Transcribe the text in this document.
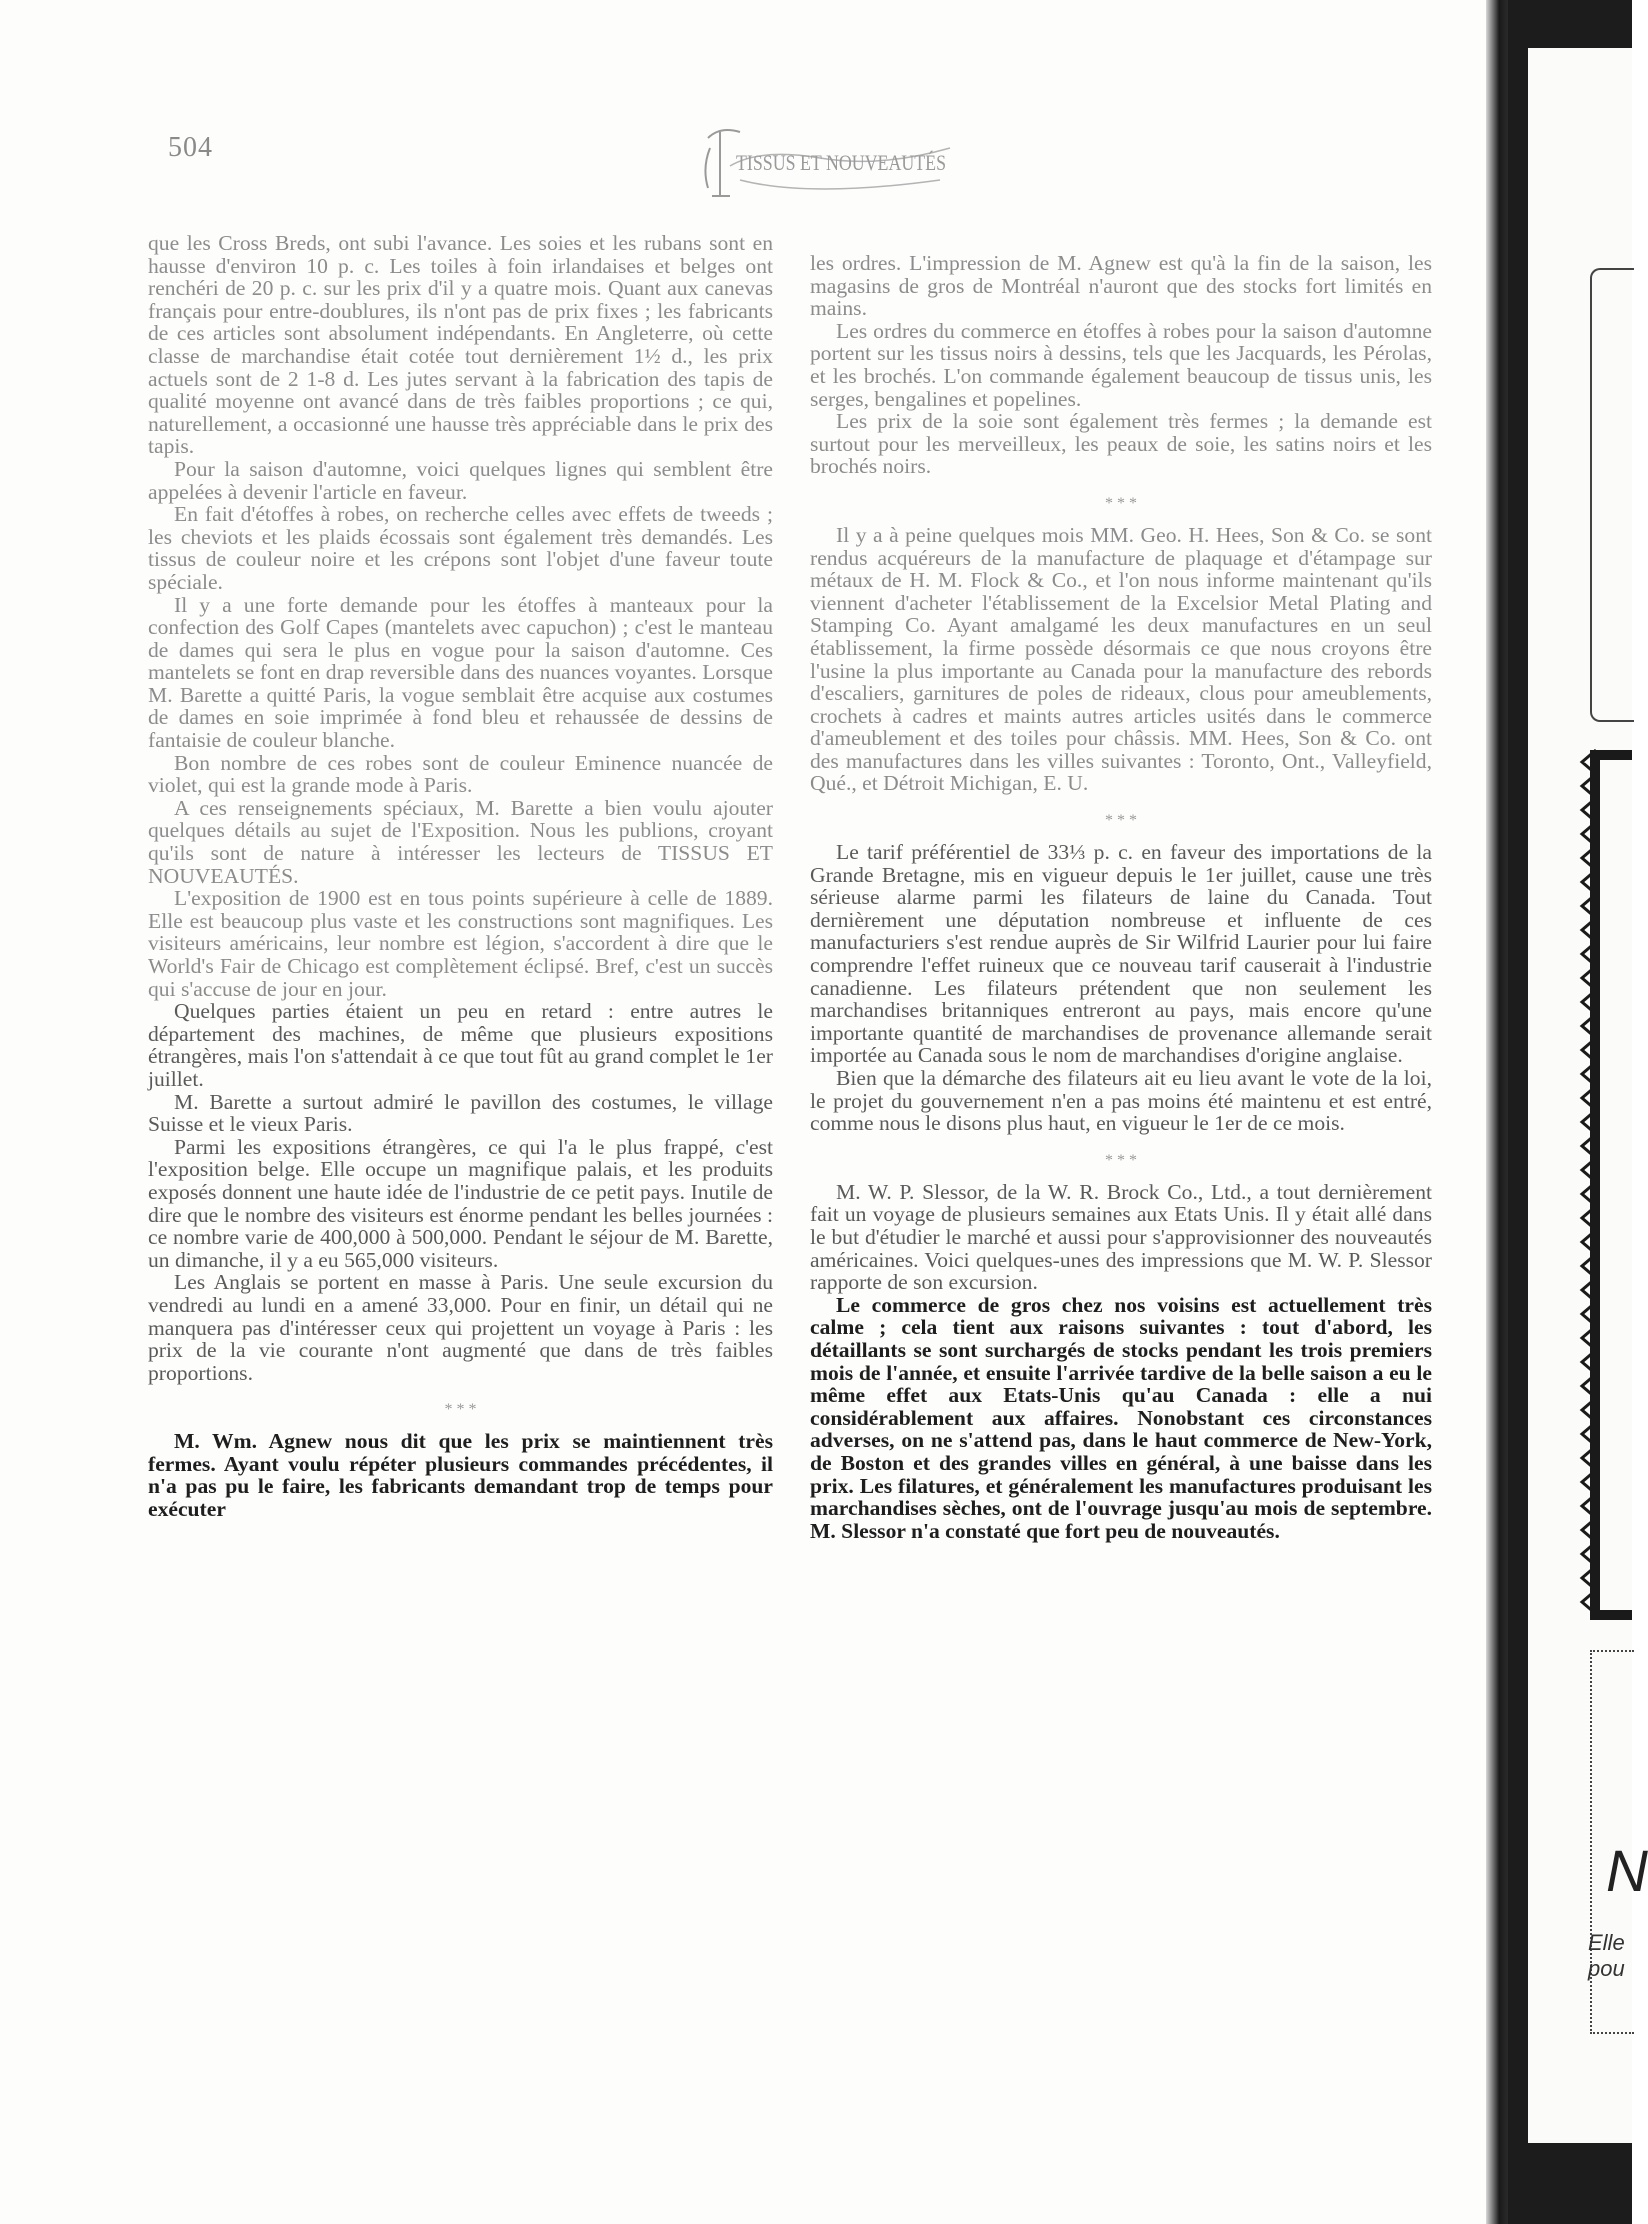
504	TISSUS ET NOUVEAUTÉS

que les Cross Breds, ont subi l'avance. Les soies et les rubans sont en hausse d'environ 10 p. c. Les toiles à foin irlandaises et belges ont renchéri de 20 p. c. sur les prix d'il y a quatre mois. Quant aux canevas français pour entre-doublures, ils n'ont pas de prix fixes ; les fabricants de ces articles sont absolument indépendants. En Angleterre, où cette classe de marchandise était cotée tout dernièrement 1½ d., les prix actuels sont de 2 1-8 d. Les jutes servant à la fabrication des tapis de qualité moyenne ont avancé dans de très faibles proportions ; ce qui, naturellement, a occasionné une hausse très appréciable dans le prix des tapis.

Pour la saison d'automne, voici quelques lignes qui semblent être appelées à devenir l'article en faveur.

En fait d'étoffes à robes, on recherche celles avec effets de tweeds ; les cheviots et les plaids écossais sont également très demandés. Les tissus de couleur noire et les crépons sont l'objet d'une faveur toute spéciale.

Il y a une forte demande pour les étoffes à manteaux pour la confection des Golf Capes (mantelets avec capuchon) ; c'est le manteau de dames qui sera le plus en vogue pour la saison d'automne. Ces mantelets se font en drap reversible dans des nuances voyantes. Lorsque M. Barette a quitté Paris, la vogue semblait être acquise aux costumes de dames en soie imprimée à fond bleu et rehaussée de dessins de fantaisie de couleur blanche.

Bon nombre de ces robes sont de couleur Eminence nuancée de violet, qui est la grande mode à Paris.

A ces renseignements spéciaux, M. Barette a bien voulu ajouter quelques détails au sujet de l'Exposition. Nous les publions, croyant qu'ils sont de nature à intéresser les lecteurs de TISSUS ET NOUVEAUTÉS.

L'exposition de 1900 est en tous points supérieure à celle de 1889. Elle est beaucoup plus vaste et les constructions sont magnifiques. Les visiteurs américains, leur nombre est légion, s'accordent à dire que le World's Fair de Chicago est complètement éclipsé. Bref, c'est un succès qui s'accuse de jour en jour.

Quelques parties étaient un peu en retard : entre autres le département des machines, de même que plusieurs expositions étrangères, mais l'on s'attendait à ce que tout fût au grand complet le 1er juillet.

M. Barette a surtout admiré le pavillon des costumes, le village Suisse et le vieux Paris.

Parmi les expositions étrangères, ce qui l'a le plus frappé, c'est l'exposition belge. Elle occupe un magnifique palais, et les produits exposés donnent une haute idée de l'industrie de ce petit pays. Inutile de dire que le nombre des visiteurs est énorme pendant les belles journées : ce nombre varie de 400,000 à 500,000. Pendant le séjour de M. Barette, un dimanche, il y a eu 565,000 visiteurs.

Les Anglais se portent en masse à Paris. Une seule excursion du vendredi au lundi en a amené 33,000. Pour en finir, un détail qui ne manquera pas d'intéresser ceux qui projettent un voyage à Paris : les prix de la vie courante n'ont augmenté que dans de très faibles proportions.

* * *

M. Wm. Agnew nous dit que les prix se maintiennent très fermes. Ayant voulu répéter plusieurs commandes précédentes, il n'a pas pu le faire, les fabricants demandant trop de temps pour exécuter

les ordres. L'impression de M. Agnew est qu'à la fin de la saison, les magasins de gros de Montréal n'auront que des stocks fort limités en mains.

Les ordres du commerce en étoffes à robes pour la saison d'automne portent sur les tissus noirs à dessins, tels que les Jacquards, les Pérolas, et les brochés. L'on commande également beaucoup de tissus unis, les serges, bengalines et popelines.

Les prix de la soie sont également très fermes ; la demande est surtout pour les merveilleux, les peaux de soie, les satins noirs et les brochés noirs.

* * *

Il y a à peine quelques mois MM. Geo. H. Hees, Son & Co. se sont rendus acquéreurs de la manufacture de plaquage et d'étampage sur métaux de H. M. Flock & Co., et l'on nous informe maintenant qu'ils viennent d'acheter l'établissement de la Excelsior Metal Plating and Stamping Co. Ayant amalgamé les deux manufactures en un seul établissement, la firme possède désormais ce que nous croyons être l'usine la plus importante au Canada pour la manufacture des rebords d'escaliers, garnitures de poles de rideaux, clous pour ameublements, crochets à cadres et maints autres articles usités dans le commerce d'ameublement et des toiles pour châssis. MM. Hees, Son & Co. ont des manufactures dans les villes suivantes : Toronto, Ont., Valleyfield, Qué., et Détroit Michigan, E. U.

* * *

Le tarif préférentiel de 33⅓ p. c. en faveur des importations de la Grande Bretagne, mis en vigueur depuis le 1er juillet, cause une très sérieuse alarme parmi les filateurs de laine du Canada. Tout dernièrement une députation nombreuse et influente de ces manufacturiers s'est rendue auprès de Sir Wilfrid Laurier pour lui faire comprendre l'effet ruineux que ce nouveau tarif causerait à l'industrie canadienne. Les filateurs prétendent que non seulement les marchandises britanniques entreront au pays, mais encore qu'une importante quantité de marchandises de provenance allemande serait importée au Canada sous le nom de marchandises d'origine anglaise.

Bien que la démarche des filateurs ait eu lieu avant le vote de la loi, le projet du gouvernement n'en a pas moins été maintenu et est entré, comme nous le disons plus haut, en vigueur le 1er de ce mois.

* * *

M. W. P. Slessor, de la W. R. Brock Co., Ltd., a tout dernièrement fait un voyage de plusieurs semaines aux Etats Unis. Il y était allé dans le but d'étudier le marché et aussi pour s'approvisionner des nouveautés américaines. Voici quelques-unes des impressions que M. W. P. Slessor rapporte de son excursion.

Le commerce de gros chez nos voisins est actuellement très calme ; cela tient aux raisons suivantes : tout d'abord, les détaillants se sont surchargés de stocks pendant les trois premiers mois de l'année, et ensuite l'arrivée tardive de la belle saison a eu le même effet aux Etats-Unis qu'au Canada : elle a nui considérablement aux affaires. Nonobstant ces circonstances adverses, on ne s'attend pas, dans le haut commerce de New-York, de Boston et des grandes villes en général, à une baisse dans les prix. Les filatures, et généralement les manufactures produisant les marchandises sèches, ont de l'ouvrage jusqu'au mois de septembre. M. Slessor n'a constaté que fort peu de nouveautés.

N
Elle
pou
